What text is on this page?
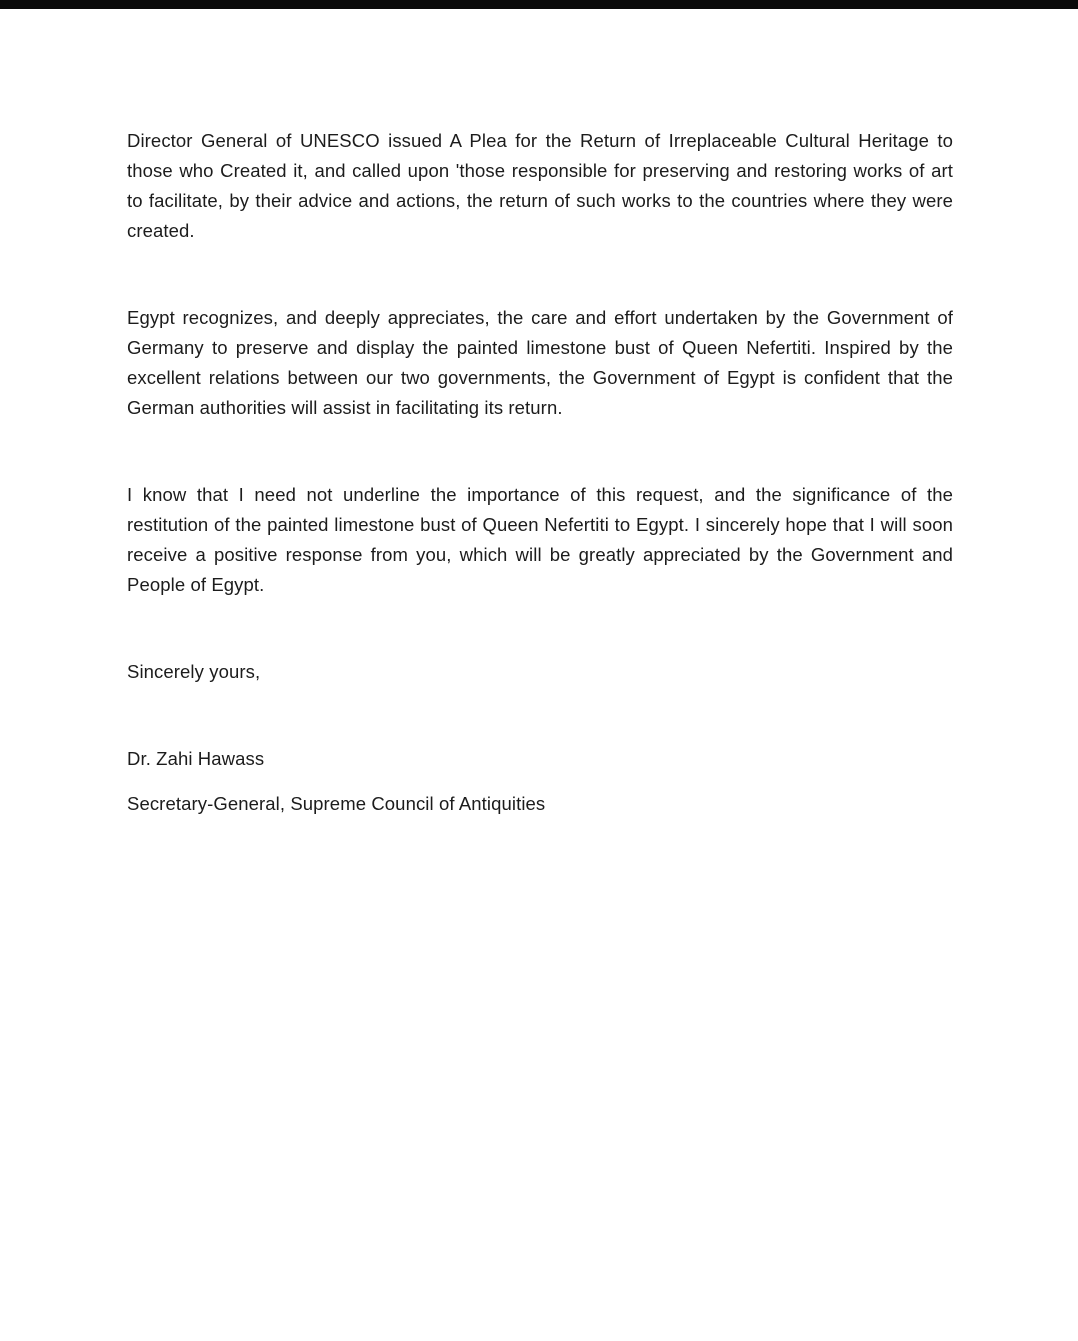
Director General of UNESCO issued A Plea for the Return of Irreplaceable Cultural Heritage to those who Created it, and called upon 'those responsible for preserving and restoring works of art to facilitate, by their advice and actions, the return of such works to the countries where they were created.

Egypt recognizes, and deeply appreciates, the care and effort undertaken by the Government of Germany to preserve and display the painted limestone bust of Queen Nefertiti. Inspired by the excellent relations between our two governments, the Government of Egypt is confident that the German authorities will assist in facilitating its return.

I know that I need not underline the importance of this request, and the significance of the restitution of the painted limestone bust of Queen Nefertiti to Egypt. I sincerely hope that I will soon receive a positive response from you, which will be greatly appreciated by the Government and People of Egypt.

Sincerely yours,

Dr. Zahi Hawass

Secretary-General, Supreme Council of Antiquities
